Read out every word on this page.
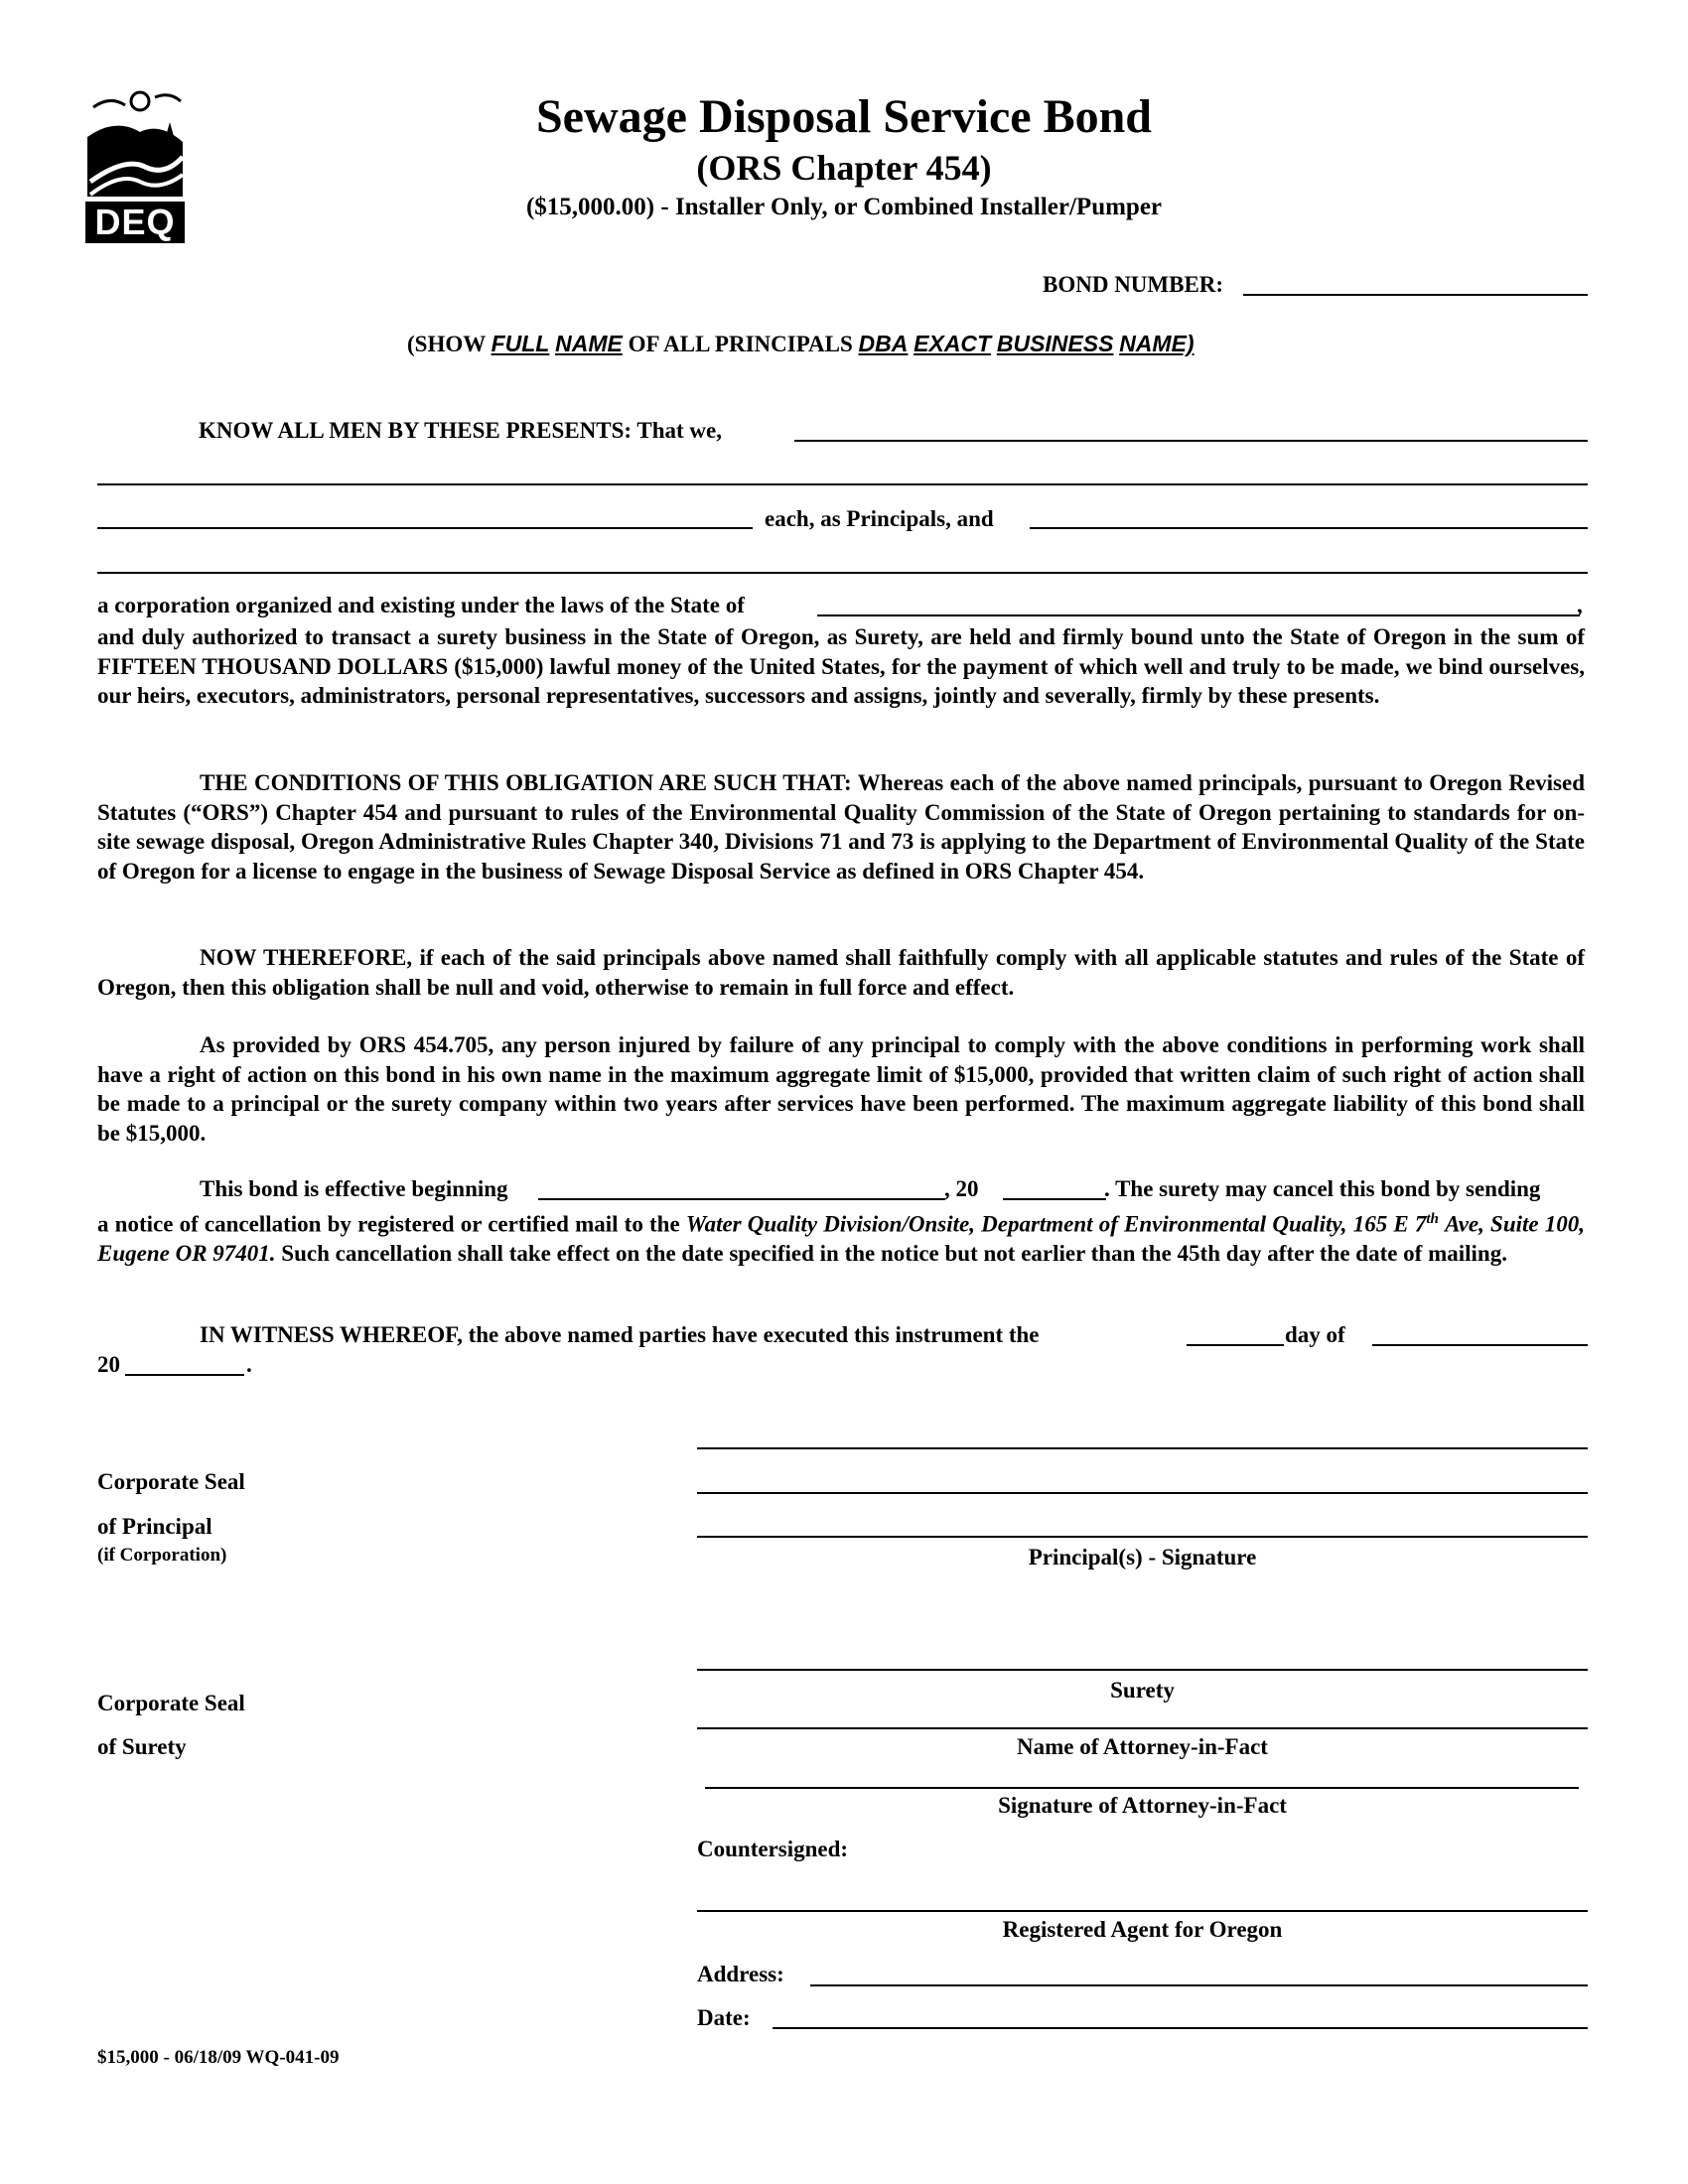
DEQ
Sewage Disposal Service Bond
(ORS Chapter 454)
($15,000.00) - Installer Only, or Combined Installer/Pumper
BOND NUMBER:
(SHOW FULL NAME OF ALL PRINCIPALS DBA EXACT BUSINESS NAME)
KNOW ALL MEN BY THESE PRESENTS: That we,
each, as Principals, and
a corporation organized and existing under the laws of the State of	,
and duly authorized to transact a surety business in the State of Oregon, as Surety, are held and firmly bound unto the State of Oregon in the sum of FIFTEEN THOUSAND DOLLARS ($15,000) lawful money of the United States, for the payment of which well and truly to be made, we bind ourselves, our heirs, executors, administrators, personal representatives, successors and assigns, jointly and severally, firmly by these presents.
THE CONDITIONS OF THIS OBLIGATION ARE SUCH THAT: Whereas each of the above named principals, pursuant to Oregon Revised Statutes (“ORS”) Chapter 454 and pursuant to rules of the Environmental Quality Commission of the State of Oregon pertaining to standards for on-site sewage disposal, Oregon Administrative Rules Chapter 340, Divisions 71 and 73 is applying to the Department of Environmental Quality of the State of Oregon for a license to engage in the business of Sewage Disposal Service as defined in ORS Chapter 454.
NOW THEREFORE, if each of the said principals above named shall faithfully comply with all applicable statutes and rules of the State of Oregon, then this obligation shall be null and void, otherwise to remain in full force and effect.
As provided by ORS 454.705, any person injured by failure of any principal to comply with the above conditions in performing work shall have a right of action on this bond in his own name in the maximum aggregate limit of $15,000, provided that written claim of such right of action shall be made to a principal or the surety company within two years after services have been performed. The maximum aggregate liability of this bond shall be $15,000.
This bond is effective beginning	, 20	. The surety may cancel this bond by sending
a notice of cancellation by registered or certified mail to the Water Quality Division/Onsite, Department of Environmental Quality, 165 E 7th Ave, Suite 100, Eugene OR 97401. Such cancellation shall take effect on the date specified in the notice but not earlier than the 45th day after the date of mailing.
IN WITNESS WHEREOF, the above named parties have executed this instrument the	day of
20	.
Corporate Seal
of Principal
(if Corporation)	Principal(s) - Signature
Surety
Corporate Seal
of Surety	Name of Attorney-in-Fact
Signature of Attorney-in-Fact
Countersigned:
Registered Agent for Oregon
Address:
Date:
$15,000 - 06/18/09 WQ-041-09
